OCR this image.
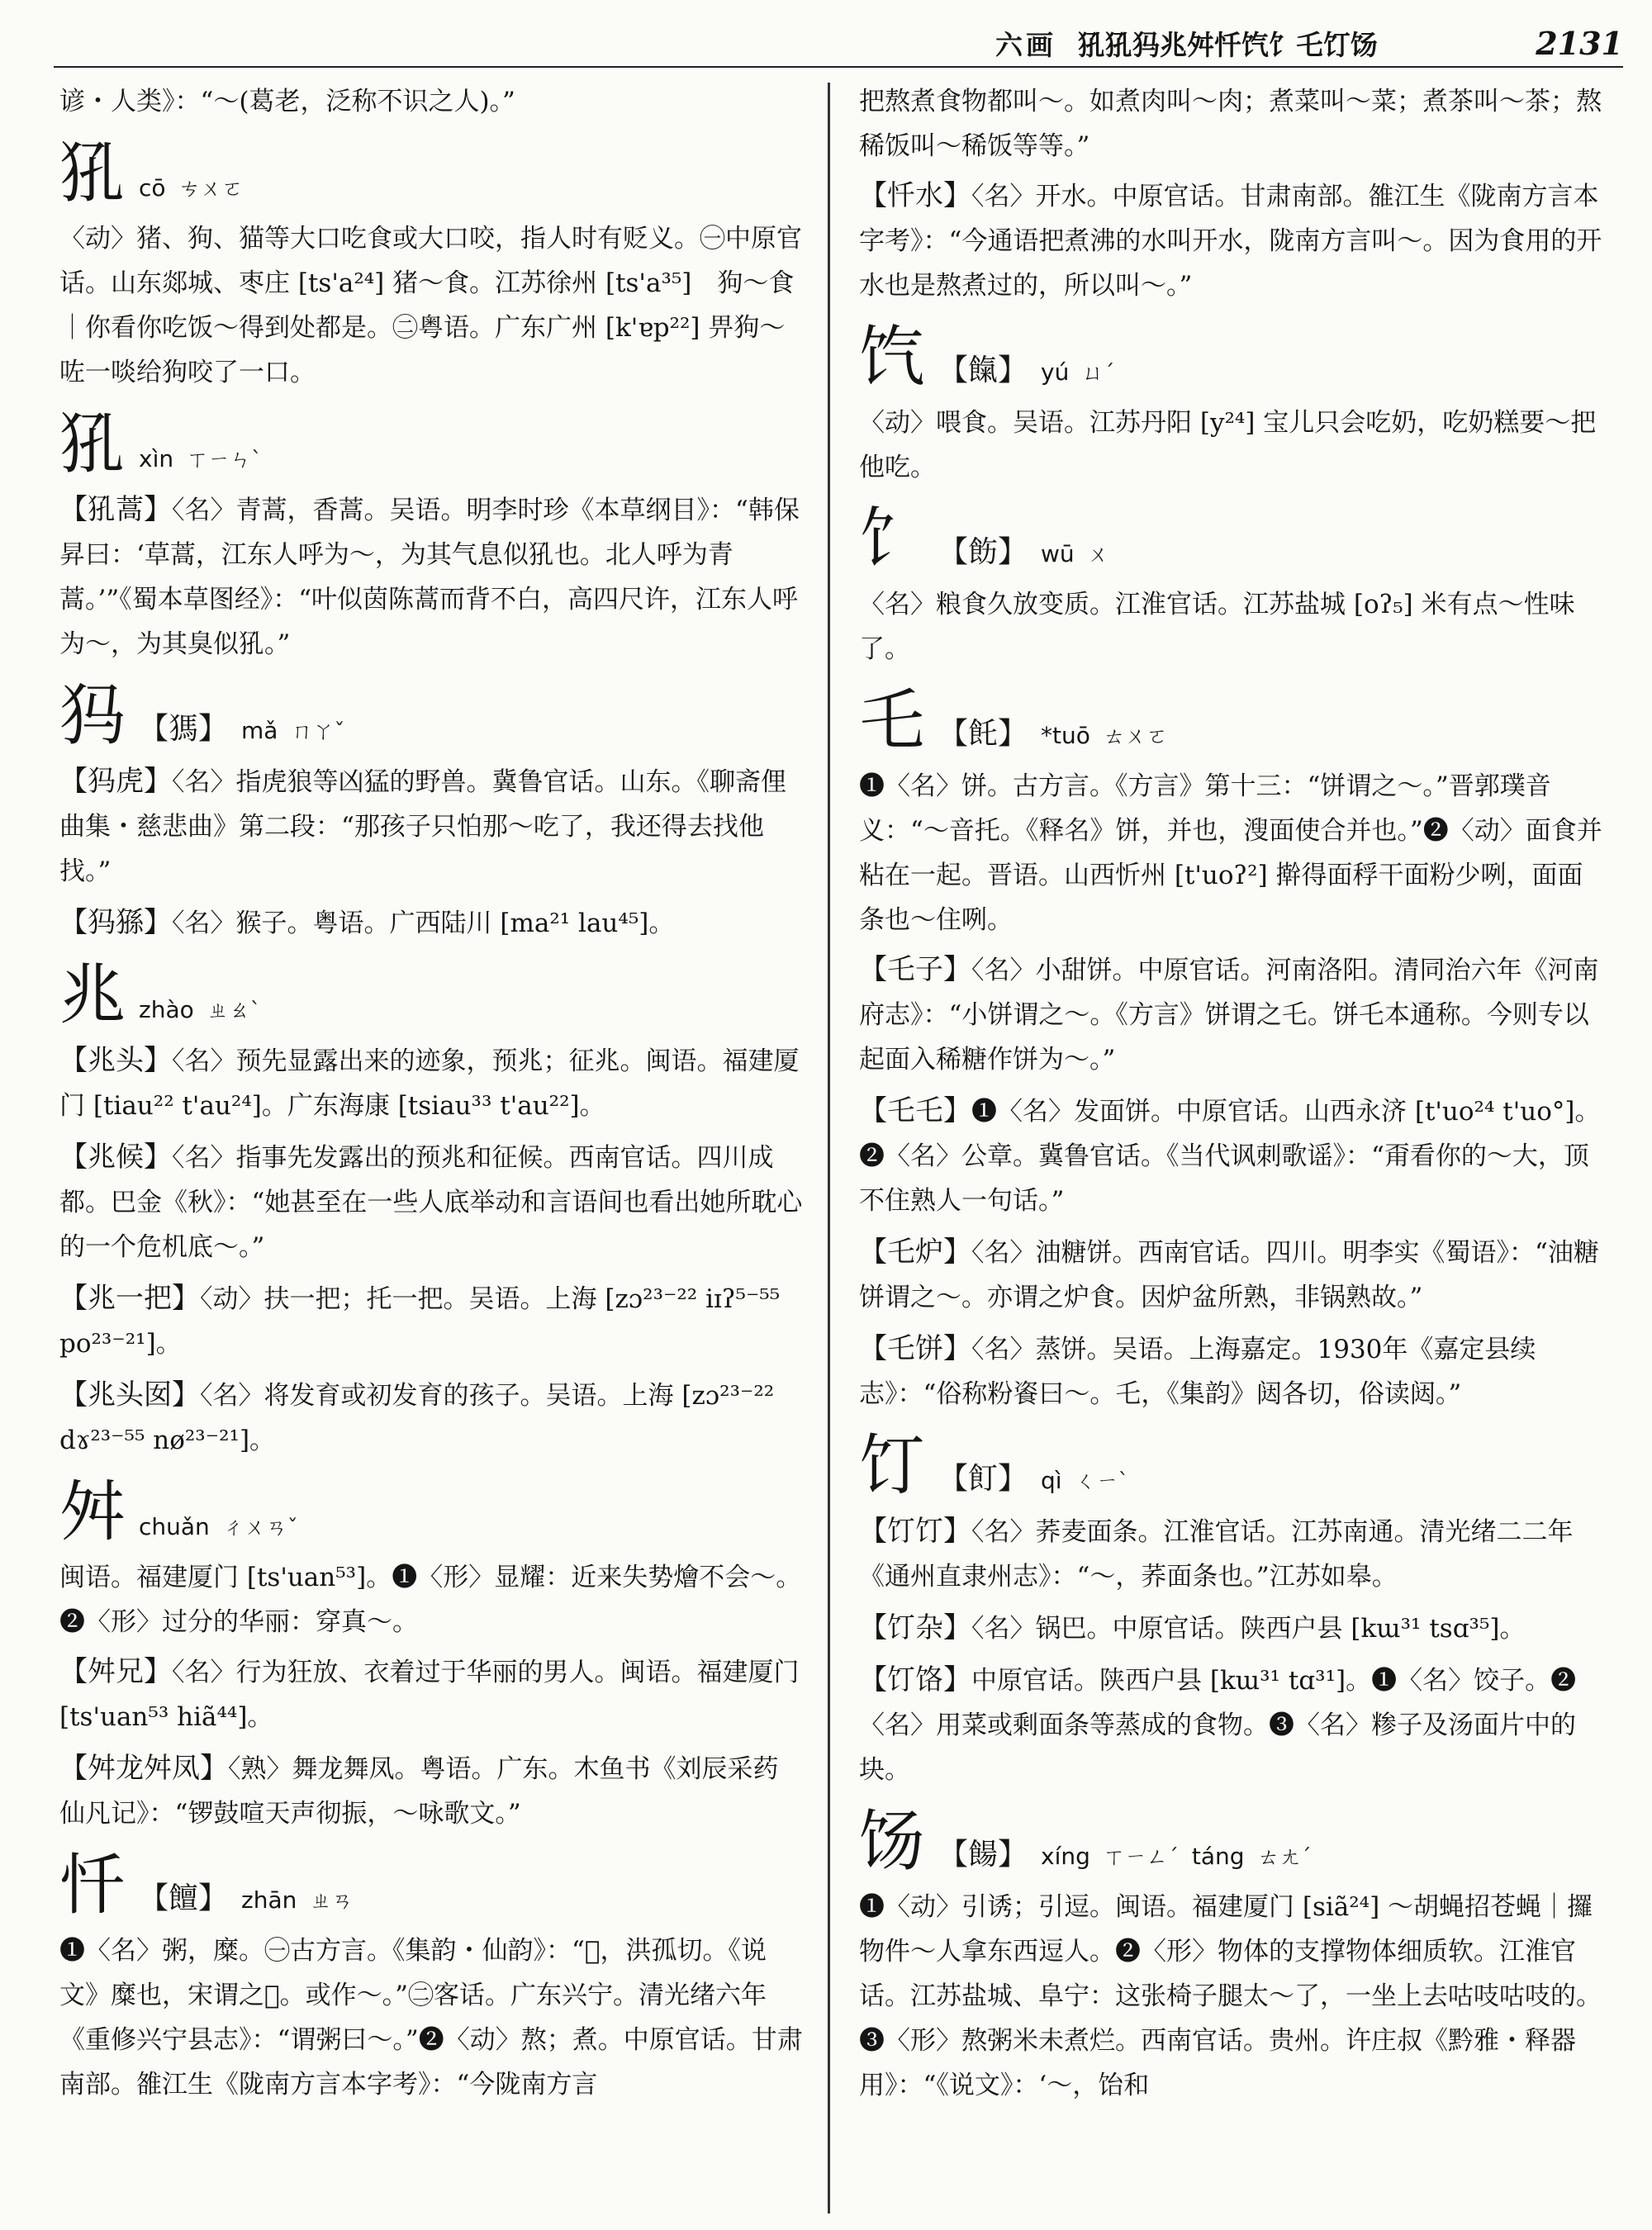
六画 犼犼犸兆舛忏饩饣乇饤饧	2131
谚・人类》：“～(葛老，泛称不识之人)。”
犼 cō ㄘㄨㄛ
〈动〉猪、狗、猫等大口吃食或大口咬，指人时有贬义。㊀中原官话。山东郯城、枣庄 [ts'a²⁴] 猪～食。江苏徐州 [ts'a³⁵]　狗～食｜你看你吃饭～得到处都是。㊁粤语。广东广州 [k'ɐp²²] 畀狗～咗一啖给狗咬了一口。
犼 xìn ㄒㄧㄣˋ
【犼蒿】〈名〉青蒿，香蒿。吴语。明李时珍《本草纲目》：“韩保昇曰：‘草蒿，江东人呼为～，为其气息似犼也。北人呼为青蒿。’”《蜀本草图经》：“叶似茵陈蒿而背不白，高四尺许，江东人呼为～，为其臭似犼。”
犸 【獁】 mǎ ㄇㄚˇ
【犸虎】〈名〉指虎狼等凶猛的野兽。冀鲁官话。山东。《聊斋俚曲集・慈悲曲》第二段：“那孩子只怕那～吃了，我还得去找他找。”
【犸猻】〈名〉猴子。粤语。广西陆川 [ma²¹ lau⁴⁵]。
兆 zhào ㄓㄠˋ
【兆头】〈名〉预先显露出来的迹象，预兆；征兆。闽语。福建厦门 [tiau²² t'au²⁴]。广东海康 [tsiau³³ t'au²²]。
【兆候】〈名〉指事先发露出的预兆和征候。西南官话。四川成都。巴金《秋》：“她甚至在一些人底举动和言语间也看出她所耽心的一个危机底～。”
【兆一把】〈动〉扶一把；托一把。吴语。上海 [zɔ²³⁻²² iɪʔ⁵⁻⁵⁵ po²³⁻²¹]。
【兆头囡】〈名〉将发育或初发育的孩子。吴语。上海 [zɔ²³⁻²² dɤ²³⁻⁵⁵ nø²³⁻²¹]。
舛 chuǎn ㄔㄨㄢˇ
闽语。福建厦门 [ts'uan⁵³]。❶〈形〉显耀：近来失势燴不会～。❷〈形〉过分的华丽：穿真～。
【舛兄】〈名〉行为狂放、衣着过于华丽的男人。闽语。福建厦门 [ts'uan⁵³ hiã⁴⁴]。
【舛龙舛凤】〈熟〉舞龙舞凤。粤语。广东。木鱼书《刘辰采药仙凡记》：“锣鼓喧天声彻振，～咏歌文。”
忏 【饘】 zhān ㄓㄢ
❶〈名〉粥，糜。㊀古方言。《集韵・仙韵》：“𩟏，洪孤切。《说文》糜也，宋谓之𩟏。或作～。”㊁客话。广东兴宁。清光绪六年《重修兴宁县志》：“谓粥曰～。”❷〈动〉熬；煮。中原官话。甘肃南部。雒江生《陇南方言本字考》：“今陇南方言
把熬煮食物都叫～。如煮肉叫～肉；煮菜叫～菜；煮茶叫～茶；熬稀饭叫～稀饭等等。”
【忏水】〈名〉开水。中原官话。甘肃南部。雒江生《陇南方言本字考》：“今通语把煮沸的水叫开水，陇南方言叫～。因为食用的开水也是熬煮过的，所以叫～。”
饩 【餼】 yú ㄩˊ
〈动〉喂食。吴语。江苏丹阳 [y²⁴] 宝儿只会吃奶，吃奶糕要～把他吃。
饣 【飭】 wū ㄨ
〈名〉粮食久放变质。江淮官话。江苏盐城 [oʔ₅] 米有点～性味了。
乇 【飥】 *tuō ㄊㄨㄛ
❶〈名〉饼。古方言。《方言》第十三：“饼谓之～。”晋郭璞音义：“～音托。《释名》饼，并也，溲面使合并也。”❷〈动〉面食并粘在一起。晋语。山西忻州 [t'uoʔ²] 擀得面稃干面粉少咧，面面条也～住咧。
【乇子】〈名〉小甜饼。中原官话。河南洛阳。清同治六年《河南府志》：“小饼谓之～。《方言》饼谓之乇。饼乇本通称。今则专以起面入稀糖作饼为～。”
【乇乇】❶〈名〉发面饼。中原官话。山西永济 [t'uo²⁴ t'uo°]。❷〈名〉公章。冀鲁官话。《当代讽刺歌谣》：“甭看你的～大，顶不住熟人一句话。”
【乇炉】〈名〉油糖饼。西南官话。四川。明李实《蜀语》：“油糖饼谓之～。亦谓之炉食。因炉盆所熟，非锅熟故。”
【乇饼】〈名〉蒸饼。吴语。上海嘉定。1930年《嘉定县续志》：“俗称粉餈曰～。乇，《集韵》闼各切，俗读闼。”
饤 【飣】 qì ㄑㄧˋ
【饤饤】〈名〉荞麦面条。江淮官话。江苏南通。清光绪二二年《通州直隶州志》：“～，荞面条也。”江苏如皋。
【饤杂】〈名〉锅巴。中原官话。陕西户县 [kɯ³¹ tsɑ³⁵]。
【饤饹】中原官话。陕西户县 [kɯ³¹ tɑ³¹]。❶〈名〉饺子。❷〈名〉用菜或剩面条等蒸成的食物。❸〈名〉糁子及汤面片中的块。
饧 【餳】 xíng ㄒㄧㄥˊ táng ㄊㄤˊ
❶〈动〉引诱；引逗。闽语。福建厦门 [siã²⁴] ～胡蝇招苍蝇｜攞物件～人拿东西逗人。❷〈形〉物体的支撑物体细质软。江淮官话。江苏盐城、阜宁：这张椅子腿太～了，一坐上去咕吱咕吱的。❸〈形〉熬粥米未煮烂。西南官话。贵州。许庄叔《黔雅・释器用》：“《说文》：‘～，饴和
